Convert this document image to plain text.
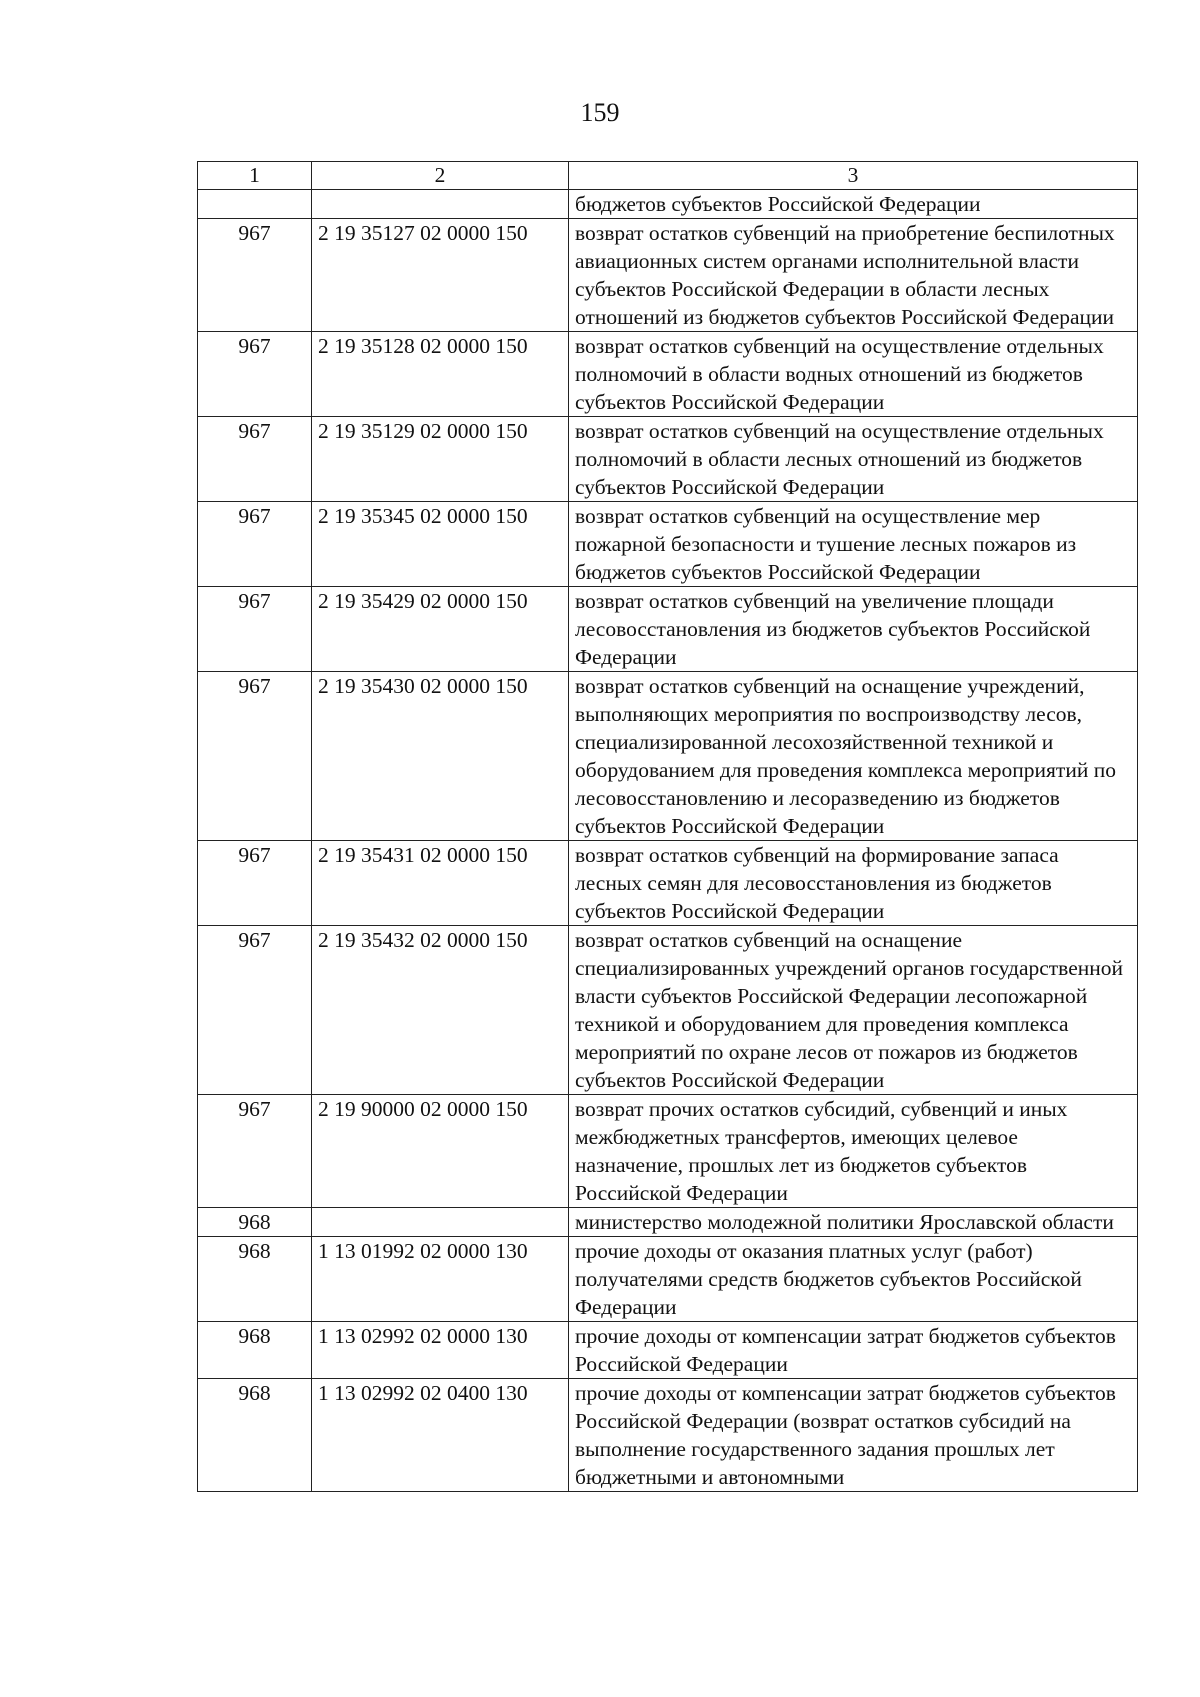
159
1	2	3
		бюджетов субъектов Российской Федерации
967	2 19 35127 02 0000 150	возврат остатков субвенций на приобретение беспилотных авиационных систем органами исполнительной власти субъектов Российской Федерации в области лесных отношений из бюджетов субъектов Российской Федерации
967	2 19 35128 02 0000 150	возврат остатков субвенций на осуществление отдельных полномочий в области водных отношений из бюджетов субъектов Российской Федерации
967	2 19 35129 02 0000 150	возврат остатков субвенций на осуществление отдельных полномочий в области лесных отношений из бюджетов субъектов Российской Федерации
967	2 19 35345 02 0000 150	возврат остатков субвенций на осуществление мер пожарной безопасности и тушение лесных пожаров из бюджетов субъектов Российской Федерации
967	2 19 35429 02 0000 150	возврат остатков субвенций на увеличение площади лесовосстановления из бюджетов субъектов Российской Федерации
967	2 19 35430 02 0000 150	возврат остатков субвенций на оснащение учреждений, выполняющих мероприятия по воспроизводству лесов, специализированной лесохозяйственной техникой и оборудованием для проведения комплекса мероприятий по лесовосстановлению и лесоразведению из бюджетов субъектов Российской Федерации
967	2 19 35431 02 0000 150	возврат остатков субвенций на формирование запаса лесных семян для лесовосстановления из бюджетов субъектов Российской Федерации
967	2 19 35432 02 0000 150	возврат остатков субвенций на оснащение специализированных учреждений органов государственной власти субъектов Российской Федерации лесопожарной техникой и оборудованием для проведения комплекса мероприятий по охране лесов от пожаров из бюджетов субъектов Российской Федерации
967	2 19 90000 02 0000 150	возврат прочих остатков субсидий, субвенций и иных межбюджетных трансфертов, имеющих целевое назначение, прошлых лет из бюджетов субъектов Российской Федерации
968		министерство молодежной политики Ярославской области
968	1 13 01992 02 0000 130	прочие доходы от оказания платных услуг (работ) получателями средств бюджетов субъектов Российской Федерации
968	1 13 02992 02 0000 130	прочие доходы от компенсации затрат бюджетов субъектов Российской Федерации
968	1 13 02992 02 0400 130	прочие доходы от компенсации затрат бюджетов субъектов Российской Федерации (возврат остатков субсидий на выполнение государственного задания прошлых лет бюджетными и автономными
